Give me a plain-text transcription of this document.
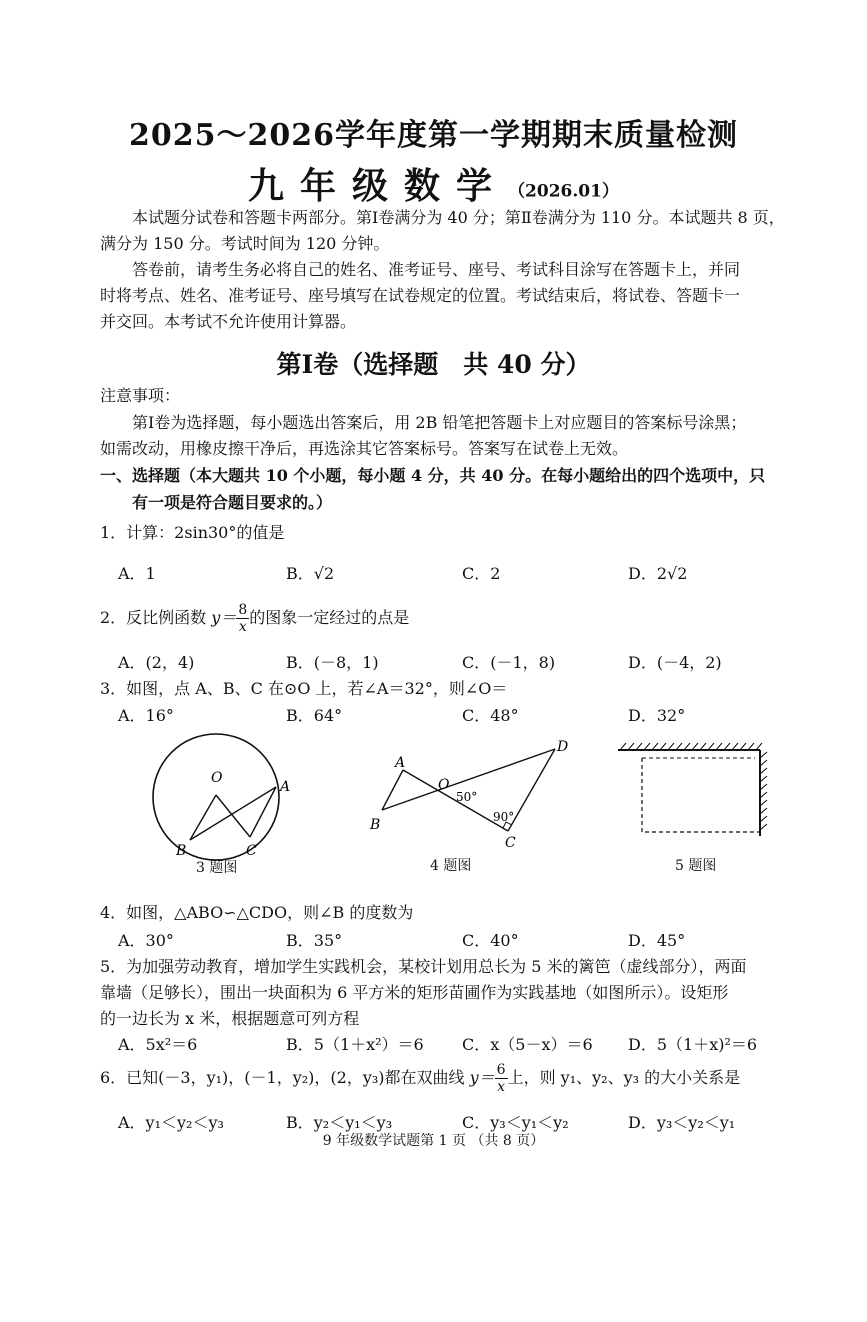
2025～2026学年度第一学期期末质量检测
九年级数学（2026.01）
本试题分试卷和答题卡两部分。第Ⅰ卷满分为 40 分；第Ⅱ卷满分为 110 分。本试题共 8 页，
满分为 150 分。考试时间为 120 分钟。
答卷前，请考生务必将自己的姓名、准考证号、座号、考试科目涂写在答题卡上，并同
时将考点、姓名、准考证号、座号填写在试卷规定的位置。考试结束后，将试卷、答题卡一
并交回。本考试不允许使用计算器。
第Ⅰ卷（选择题　共 40 分）
注意事项：
第Ⅰ卷为选择题，每小题选出答案后，用 2B 铅笔把答题卡上对应题目的答案标号涂黑；
如需改动，用橡皮擦干净后，再选涂其它答案标号。答案写在试卷上无效。
一、选择题（本大题共 10 个小题，每小题 4 分，共 40 分。在每小题给出的四个选项中，只
有一项是符合题目要求的。）
1．计算：2sin30°的值是
A．1	B．√2	C．2	D．2√2
2．反比例函数 $y= \frac{8}{x}$ 的图象一定经过的点是
A．(2，4)	B．(－8，1)	C．(－1，8)	D．(－4，2)
3．如图，点 A、B、C 在⊙O 上，若∠A＝32°，则∠O＝
A．16°	B．64°	C．48°	D．32°
O
A
B	C
3 题图
A
B
O
D
C
50°
90°
4 题图	5 题图
4．如图，△ABO∽△CDO，则∠B 的度数为
A．30°	B．35°	C．40°	D．45°
5．为加强劳动教育，增加学生实践机会，某校计划用总长为 5 米的篱笆（虚线部分），两面
靠墙（足够长），围出一块面积为 6 平方米的矩形苗圃作为实践基地（如图所示）。设矩形
的一边长为 x 米，根据题意可列方程
A．5x²＝6	B．5（1＋x²）＝6 C．x（5－x）＝6 D．5（1＋x)²＝6
6．已知(－3，y₁)，(－1，y₂)，(2，y₃)都在双曲线 $y= \frac{6}{x}$ 上，则 y₁、y₂、y₃ 的大小关系是
A．y₁＜y₂＜y₃	B．y₂＜y₁＜y₃	C．y₃＜y₁＜y₂	D．y₃＜y₂＜y₁
9 年级数学试题第 1 页 （共 8 页）
